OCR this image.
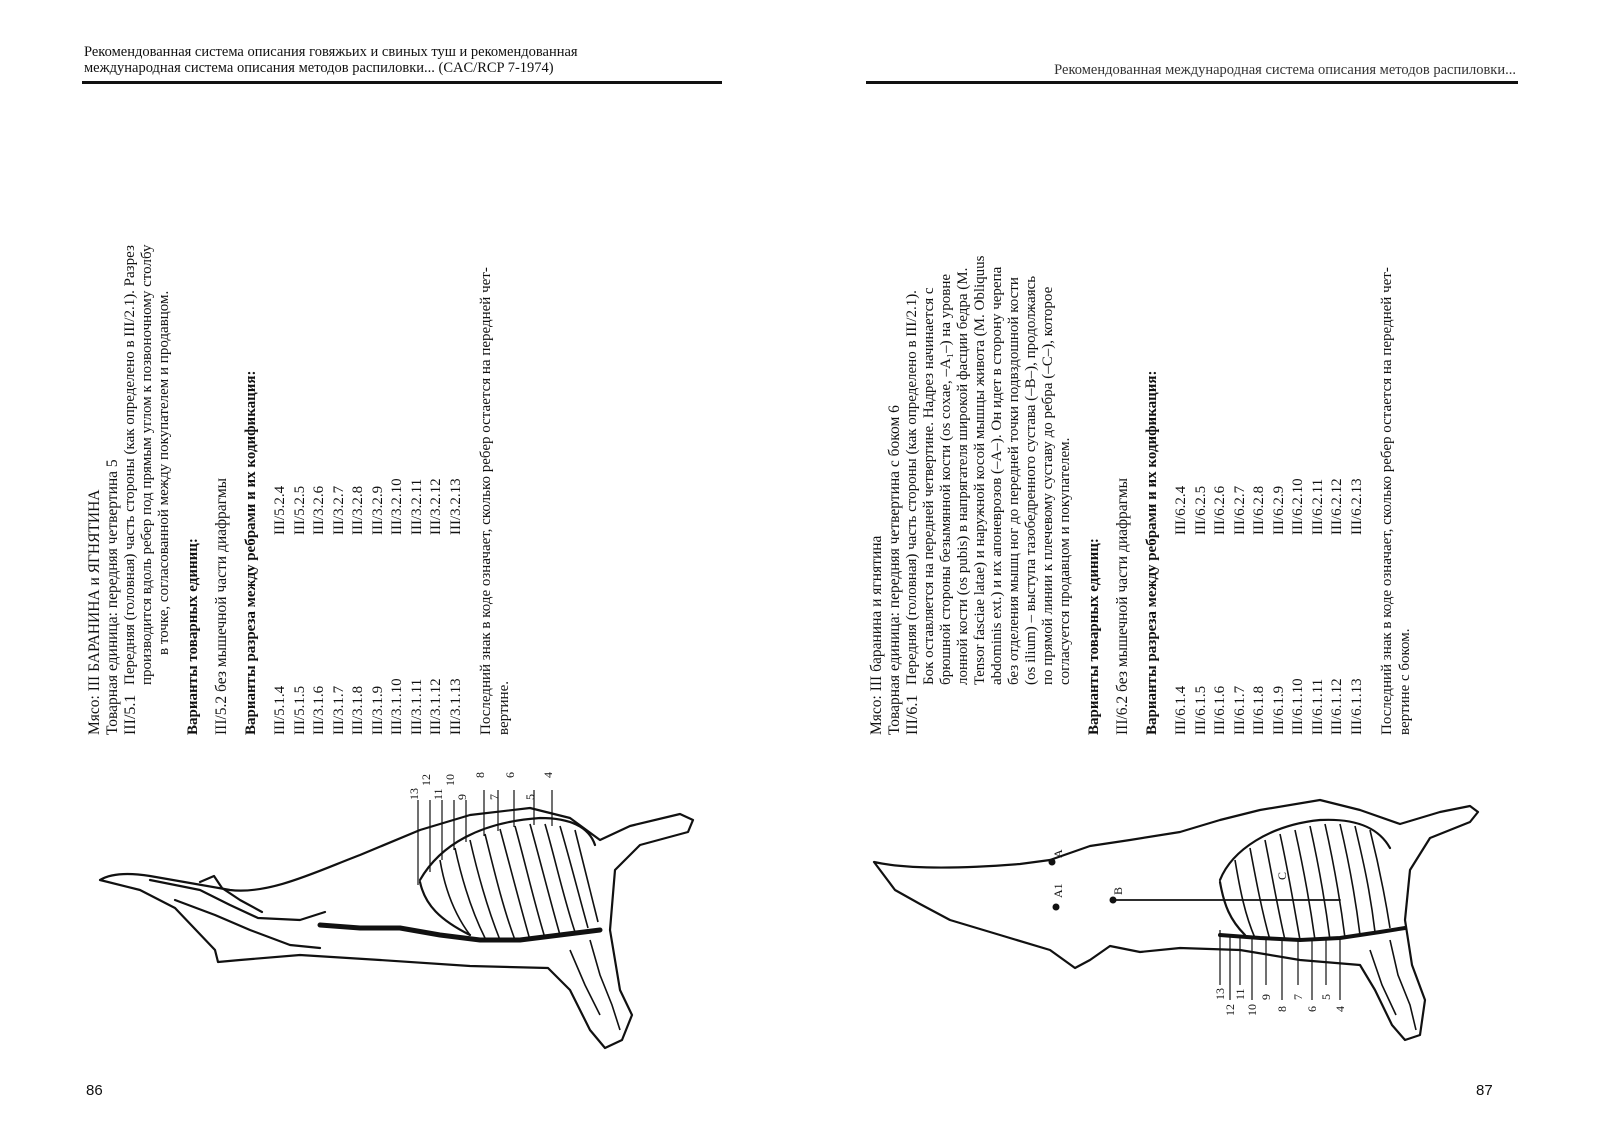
Рекомендованная система описания говяжьих и свиных туш и рекомендованная
международная система описания методов распиловки... (CAC/RCP 7-1974)
Мясо: III БАРАНИНА и ЯГНЯТИНА Товарная единица: передняя четвертина 5 III/5.1
Передняя (головная) часть стороны (как определено в III/2.1). Разрез производится вдоль ребер под прямым углом к позвоночному столбу в точке, согласованной между покупателем и продавцом. Варианты товарных единиц: III/5.2 без мышечной части диафрагмы Варианты разреза между ребрами и их кодификация: III/5.1.4 III/5.1.5 III/3.1.6 III/3.1.7 III/3.1.8 III/3.1.9 III/3.1.10 III/3.1.11 III/3.1.12 III/3.1.13
III/5.2.4 III/5.2.5 III/3.2.6 III/3.2.7 III/3.2.8 III/3.2.9 III/3.2.10 III/3.2.11 III/3.2.12 III/3.2.13 Последний знак в коде означает, сколько ребер остается на передней чет- вертине.
13
12
11
10
9
8
7
6
5
4
86
Рекомендованная международная система описания методов распиловки...
Мясо: III баранина и ягнятина Товарная единица: передняя четвертина с боком 6 III/6.1
Передняя (головная) часть стороны (как определено в III/2.1). Бок оставляется на передней четвертине. Надрез начинается с брюшной стороны безымянной кости (os coxae, –A₁–) на уровне лонной кости (os pubis) в напрягателя широкой фасции бедра (M. Tensor fasciae latae) и наружной косой мышцы живота (M. Obliquus abdominis ext.) и их апоневрозов (–A–). Он идет в сторону черепа без отделения мышц ног до передней точки подвздошной кости (os ilium) – выступа тазобедренного сустава (–B–), продолжаясь по прямой линии к плечевому суставу до ребра (–C–), которое согласуется продавцом и покупателем. Варианты товарных единиц: III/6.2 без мышечной части диафрагмы Варианты разреза между ребрами и их кодификация: III/6.1.4 III/6.1.5 III/6.1.6 III/6.1.7 III/6.1.8 III/6.1.9 III/6.1.10 III/6.1.11 III/6.1.12 III/6.1.13
III/6.2.4 III/6.2.5 III/6.2.6 III/6.2.7 III/6.2.8 III/6.2.9 III/6.2.10 III/6.2.11 III/6.2.12 III/6.2.13 Последний знак в коде означает, сколько ребер остается на передней чет- вертине с боком.
A
A1	B
C
13
12
11
10
9
8
7
6
5
4
87
